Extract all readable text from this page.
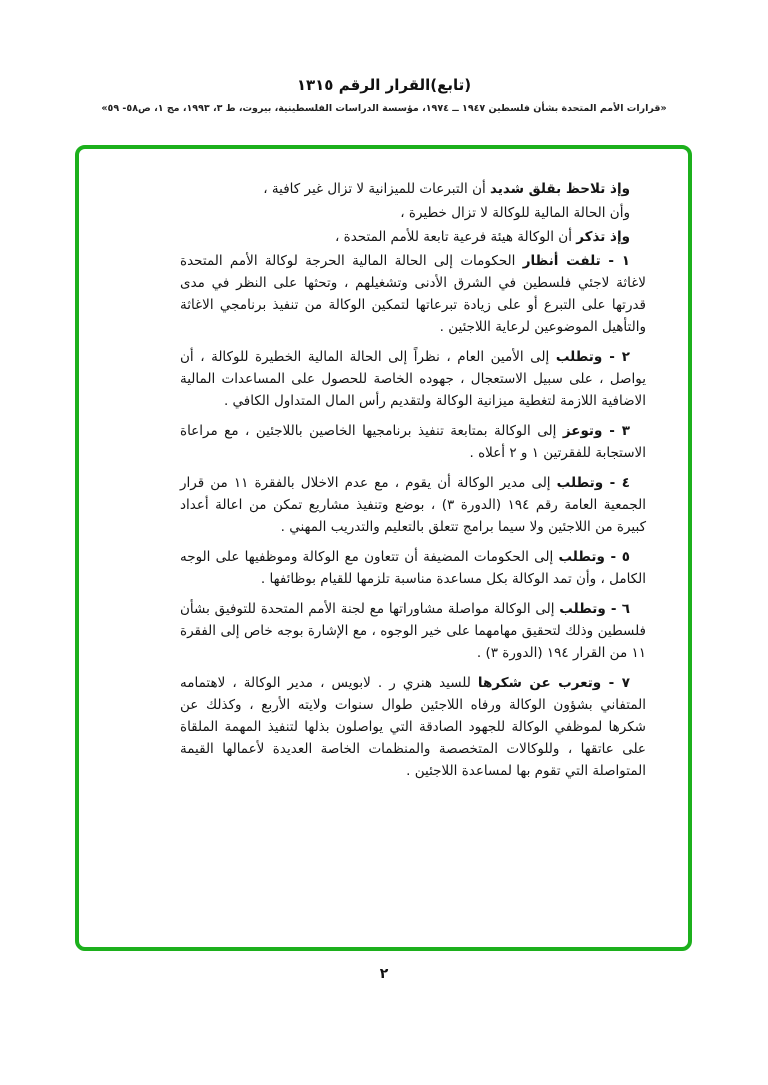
(تابع)القرار الرقم ١٣١٥
«قرارات الأمم المتحدة بشأن فلسطين ١٩٤٧ ــ ١٩٧٤، مؤسسة الدراسات الفلسطينية، بيروت، ط ٣، ١٩٩٣، مج ١، ص٥٨- ٥٩»

وإذ تلاحظ بقلق شديد أن التبرعات للميزانية لا تزال غير كافية ،

وأن الحالة المالية للوكالة لا تزال خطيرة ،

وإذ تذكر أن الوكالة هيئة فرعية تابعة للأمم المتحدة ،

١ - تلفت أنظار الحكومات إلى الحالة المالية الحرجة لوكالة الأمم المتحدة لاغاثة لاجئي فلسطين في الشرق الأدنى وتشغيلهم ، وتحثها على النظر في مدى قدرتها على التبرع أو على زيادة تبرعاتها لتمكين الوكالة من تنفيذ برنامجي الاغاثة والتأهيل الموضوعين لرعاية اللاجئين .

٢ - وتطلب إلى الأمين العام ، نظراً إلى الحالة المالية الخطيرة للوكالة ، أن يواصل ، على سبيل الاستعجال ، جهوده الخاصة للحصول على المساعدات المالية الاضافية اللازمة لتغطية ميزانية الوكالة ولتقديم رأس المال المتداول الكافي .

٣ - وتوعز إلى الوكالة بمتابعة تنفيذ برنامجيها الخاصين باللاجئين ، مع مراعاة الاستجابة للفقرتين ١ و ٢ أعلاه .

٤ - وتطلب إلى مدير الوكالة أن يقوم ، مع عدم الاخلال بالفقرة ١١ من قرار الجمعية العامة رقم ١٩٤ (الدورة ٣) ، بوضع وتنفيذ مشاريع تمكن من اعالة أعداد كبيرة من اللاجئين ولا سيما برامج تتعلق بالتعليم والتدريب المهني .

٥ - وتطلب إلى الحكومات المضيفة أن تتعاون مع الوكالة وموظفيها على الوجه الكامل ، وأن تمد الوكالة بكل مساعدة مناسبة تلزمها للقيام بوظائفها .

٦ - وتطلب إلى الوكالة مواصلة مشاوراتها مع لجنة الأمم المتحدة للتوفيق بشأن فلسطين وذلك لتحقيق مهامهما على خير الوجوه ، مع الإشارة بوجه خاص إلى الفقرة ١١ من القرار ١٩٤ (الدورة ٣) .

٧ - وتعرب عن شكرها للسيد هنري ر . لابويس ، مدير الوكالة ، لاهتمامه المتفاني بشؤون الوكالة ورفاه اللاجئين طوال سنوات ولايته الأربع ، وكذلك عن شكرها لموظفي الوكالة للجهود الصادقة التي يواصلون بذلها لتنفيذ المهمة الملقاة على عاتقها ، وللوكالات المتخصصة والمنظمات الخاصة العديدة لأعمالها القيمة المتواصلة التي تقوم بها لمساعدة اللاجئين .

٢
